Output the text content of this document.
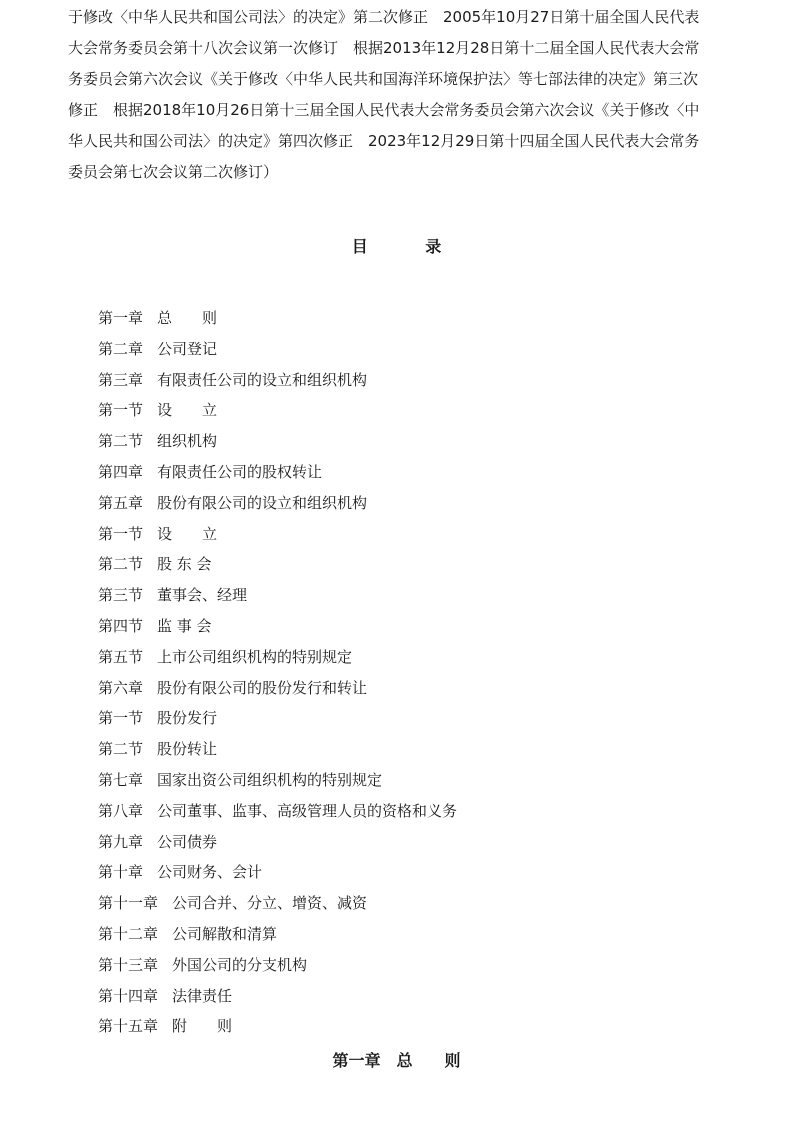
于修改〈中华人民共和国公司法〉的决定》第二次修正　2005年10月27日第十届全国人民代表
大会常务委员会第十八次会议第一次修订　根据2013年12月28日第十二届全国人民代表大会常
务委员会第六次会议《关于修改〈中华人民共和国海洋环境保护法〉等七部法律的决定》第三次
修正　根据2018年10月26日第十三届全国人民代表大会常务委员会第六次会议《关于修改〈中
华人民共和国公司法〉的决定》第四次修正　2023年12月29日第十四届全国人民代表大会常务
委员会第七次会议第二次修订）
目 录
第一章 总　　则
第二章 公司登记
第三章 有限责任公司的设立和组织机构
第一节 设　　立
第二节 组织机构
第四章 有限责任公司的股权转让
第五章 股份有限公司的设立和组织机构
第一节 设　　立
第二节 股 东 会
第三节 董事会、经理
第四节 监 事 会
第五节 上市公司组织机构的特别规定
第六章 股份有限公司的股份发行和转让
第一节 股份发行
第二节 股份转让
第七章 国家出资公司组织机构的特别规定
第八章 公司董事、监事、高级管理人员的资格和义务
第九章 公司债券
第十章 公司财务、会计
第十一章 公司合并、分立、增资、减资
第十二章 公司解散和清算
第十三章 外国公司的分支机构
第十四章 法律责任
第十五章 附　　则
第一章　总　　则
